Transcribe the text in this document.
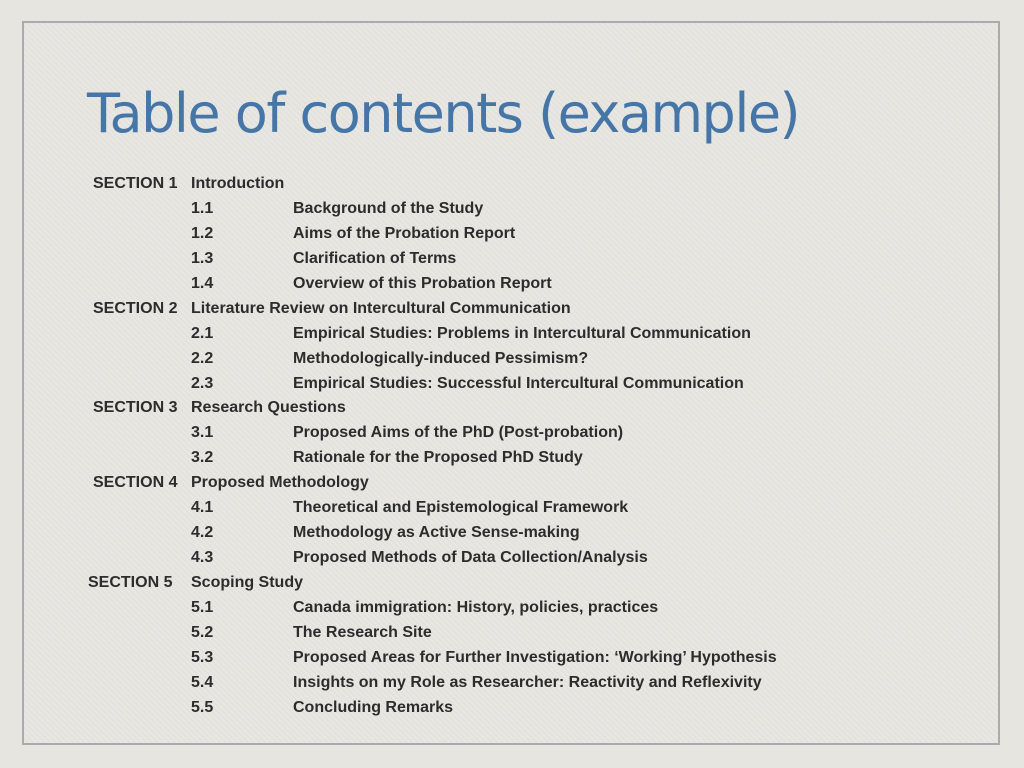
Table of contents (example)
SECTION 1 Introduction
1.1	Background of the Study
1.2	Aims of the Probation Report
1.3	Clarification of Terms
1.4	Overview of this Probation Report
SECTION 2 Literature Review on Intercultural Communication
2.1	Empirical Studies: Problems in Intercultural Communication
2.2	Methodologically-induced Pessimism?
2.3	Empirical Studies: Successful Intercultural Communication
SECTION 3 Research Questions
3.1	Proposed Aims of the PhD (Post-probation)
3.2	Rationale for the Proposed PhD Study
SECTION 4 Proposed Methodology
4.1	Theoretical and Epistemological Framework
4.2	Methodology as Active Sense-making
4.3	Proposed Methods of Data Collection/Analysis
SECTION 5 Scoping Study
5.1	Canada immigration: History, policies, practices
5.2	The Research Site
5.3	Proposed Areas for Further Investigation: ‘Working’ Hypothesis
5.4	Insights on my Role as Researcher: Reactivity and Reflexivity
5.5	Concluding Remarks
